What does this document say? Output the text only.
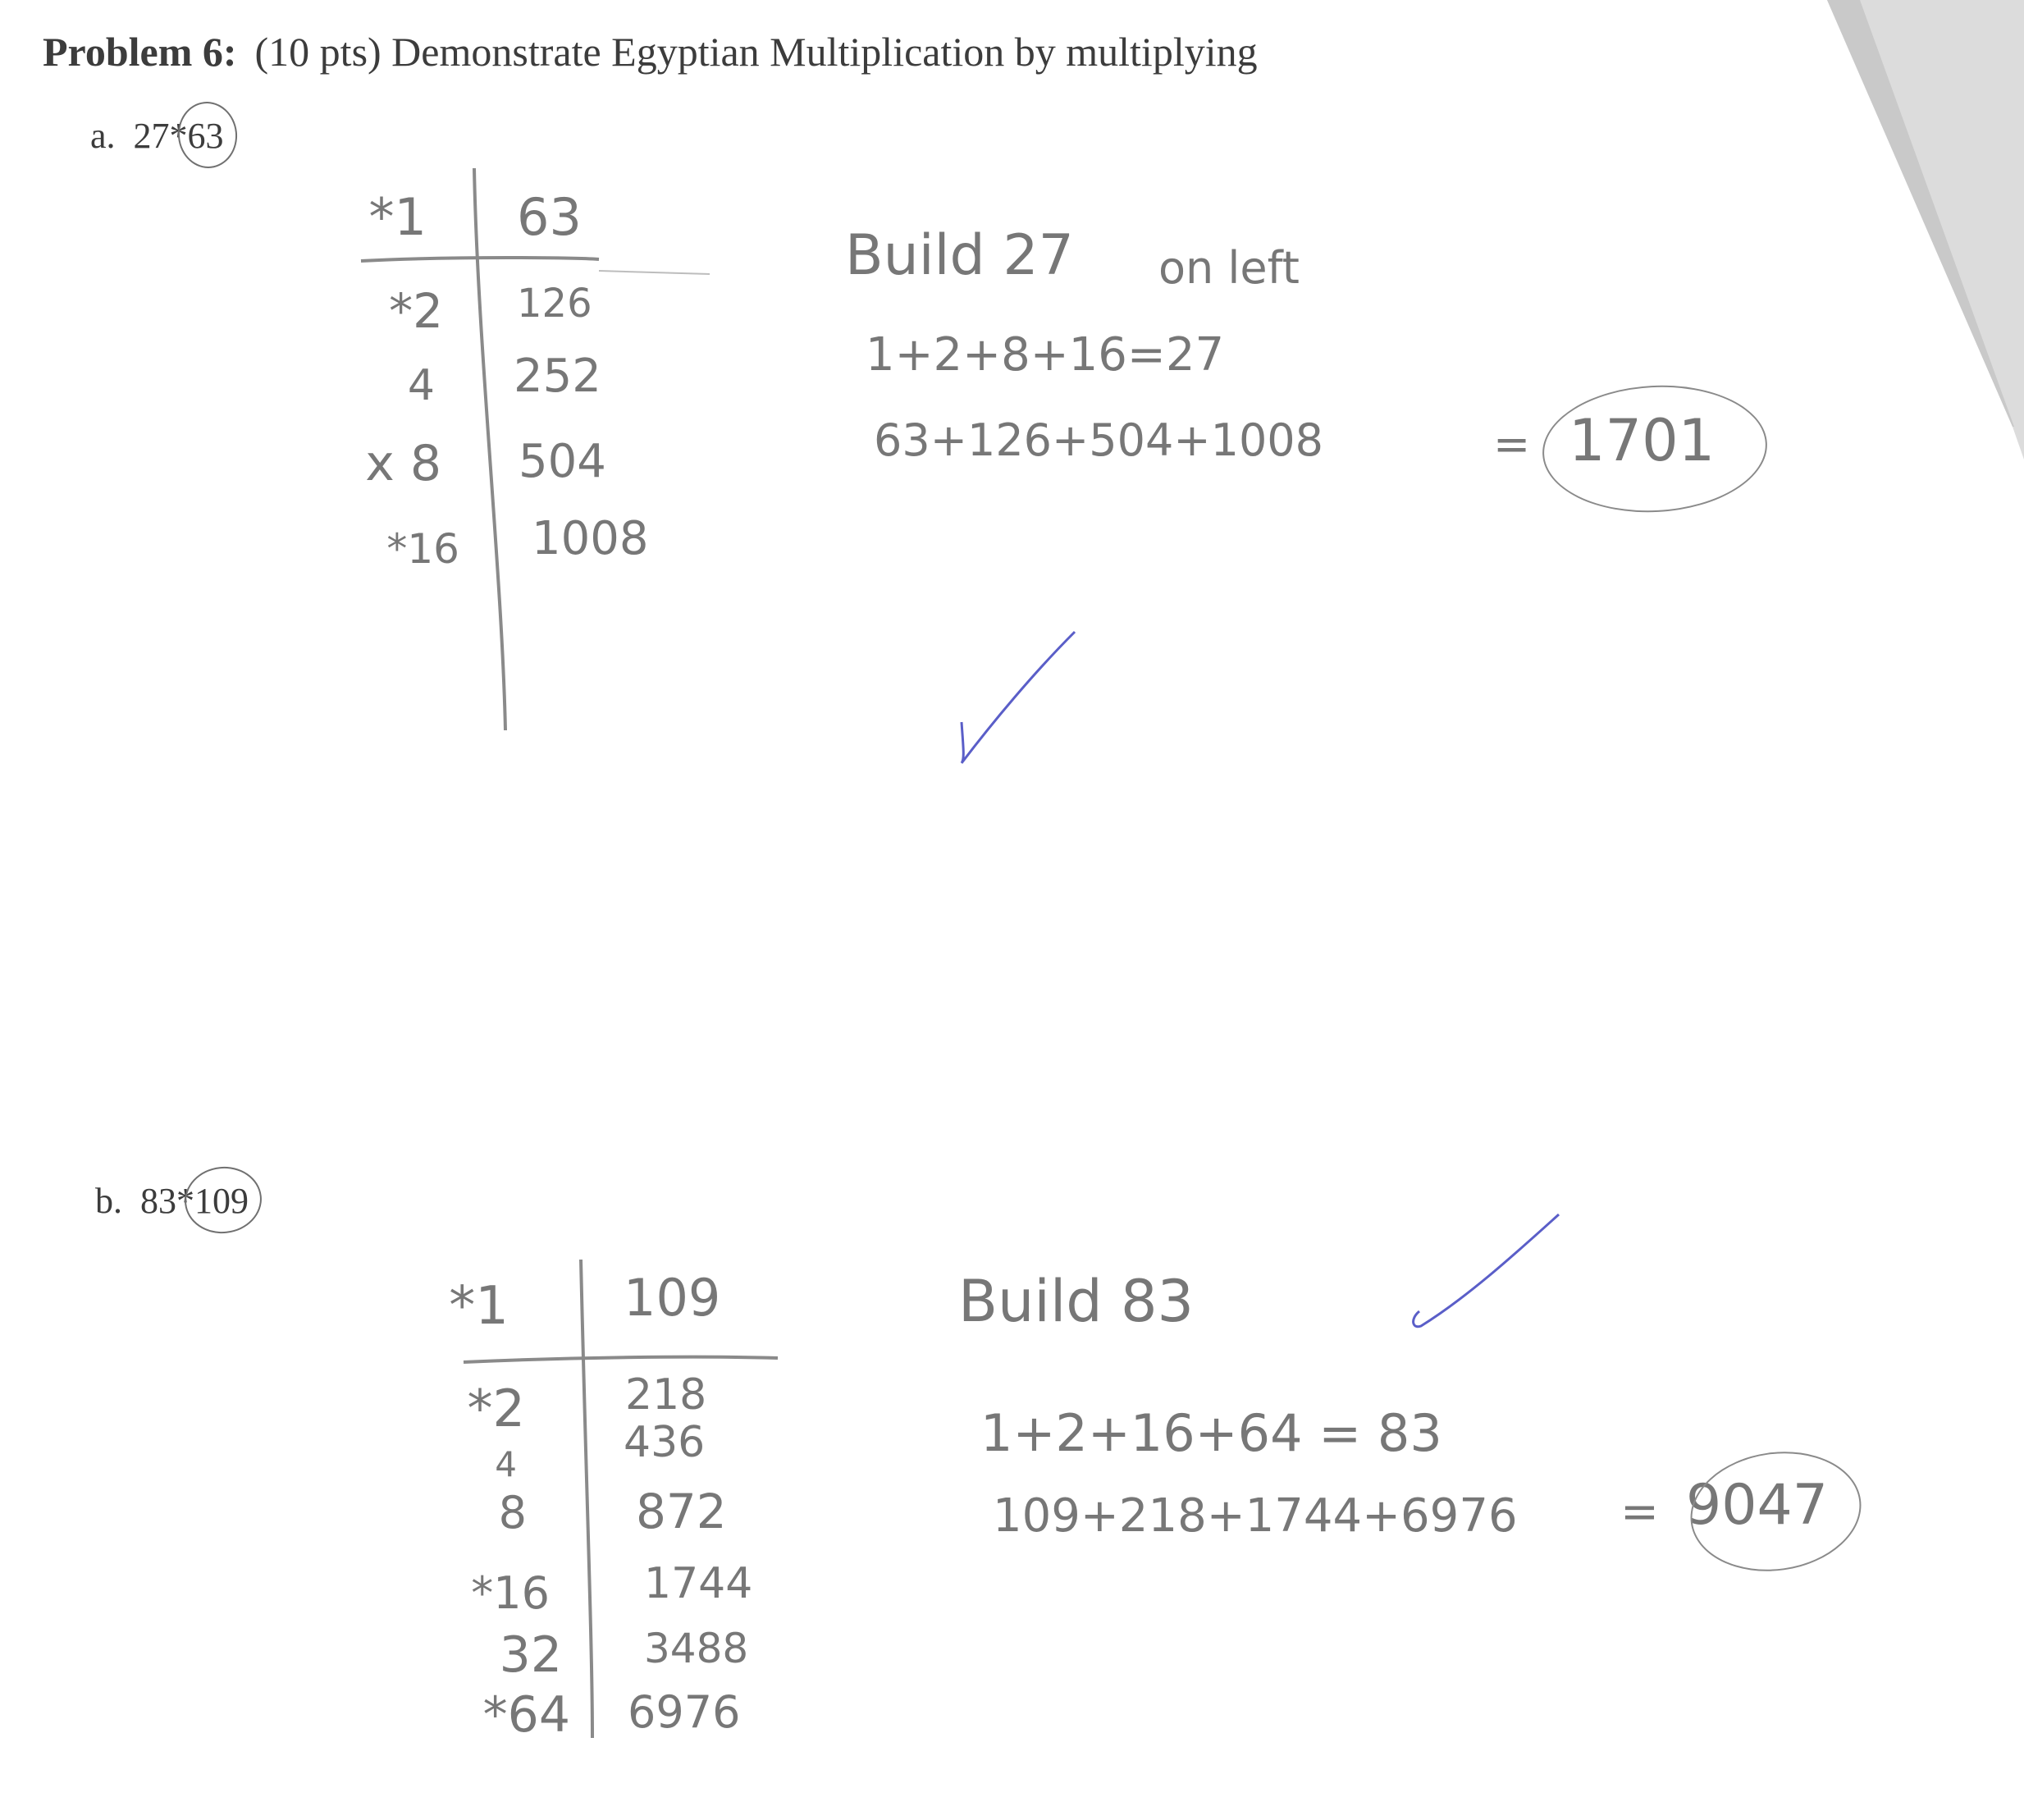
Problem 6: (10 pts) Demonstrate Egyptian Multiplication by multiplying
a. 27*63
b. 83*109
*1 63
*2 126
4 252
x 8 504
*16 1008
Build 27 on left
1+2+8+16=27
63+126+504+1008	= 1701
*1 109
*2 218
4	436
8 872
*16 1744
32 3488
*64 6976
Build 83
1+2+16+64 = 83
109+218+1744+6976 = 9047
